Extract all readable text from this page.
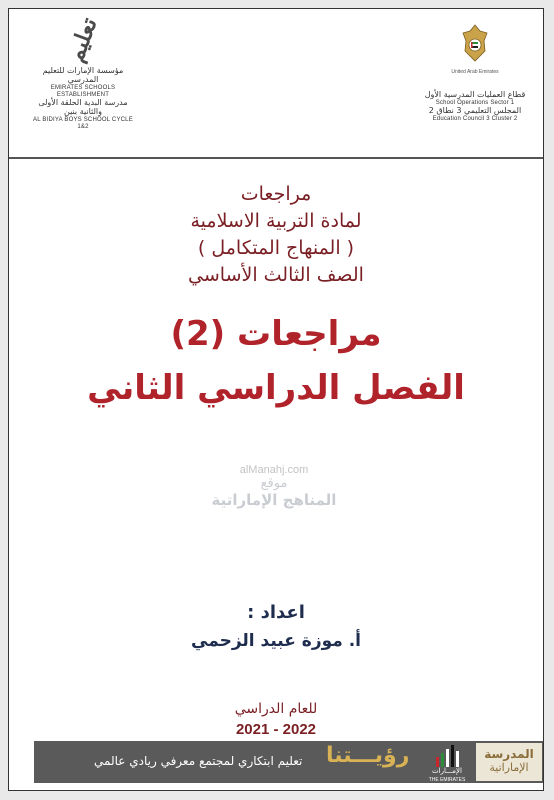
تعليم
مؤسسة الإمارات للتعليم المدرسي
EMIRATES SCHOOLS ESTABLISHMENT
مدرسة البدية الحلقة الأولى والثانية بنين
AL BIDIYA BOYS SCHOOL CYCLE 1&2
United Arab Emirates
قطاع العمليات المدرسية الأول
School Operations Sector 1
المجلس التعليمي 3 نطاق 2
Education Council 3 Cluster 2
مراجعات
لمادة التربية الاسلامية
( المنهاج المتكامل )
الصف الثالث الأساسي
مراجعات (2)
الفصل الدراسي الثاني
alManahj.com
موقع
المناهج الإماراتية
اعداد :
أ. موزة عبيد الزحمي
للعام الدراسي
2021 - 2022
تعليم ابتكاري لمجتمع معرفي ريادي عالمي رؤيـــتنا
الإمـــارات
THE EMIRATES
المدرسة
الإماراتية
